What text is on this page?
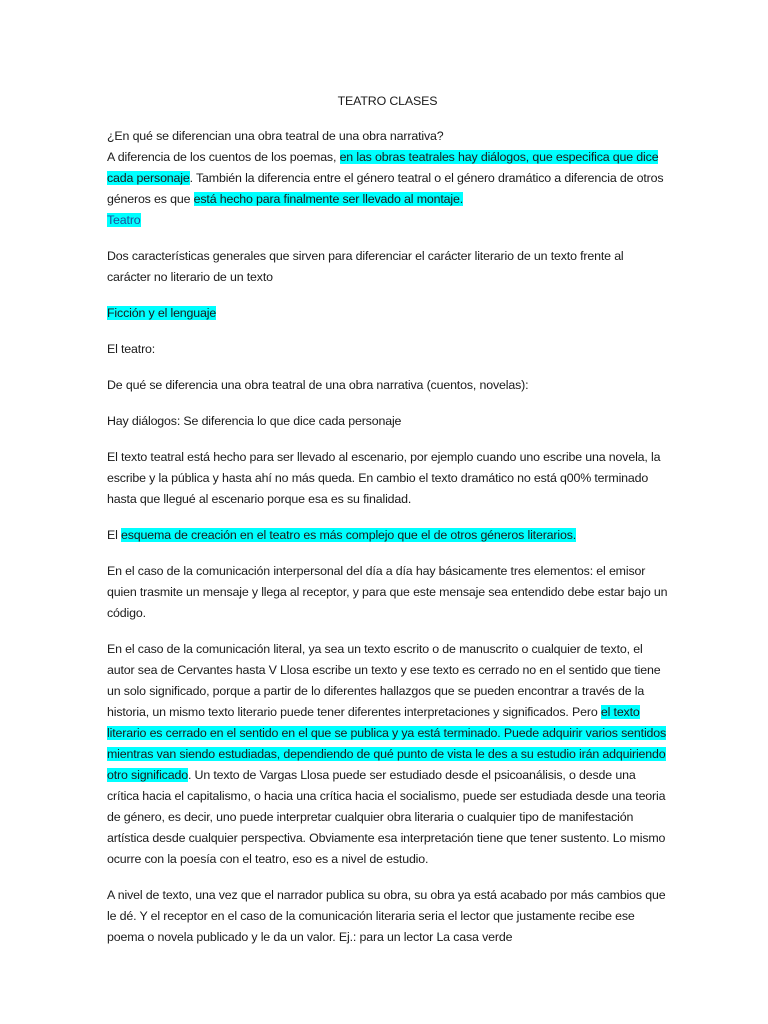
TEATRO CLASES

¿En qué se diferencian una obra teatral de una obra narrativa?
A diferencia de los cuentos de los poemas, en las obras teatrales hay diálogos, que especifica que dice cada personaje. También la diferencia entre el género teatral o el género dramático a diferencia de otros géneros es que está hecho para finalmente ser llevado al montaje.
Teatro

Dos características generales que sirven para diferenciar el carácter literario de un texto frente al carácter no literario de un texto

Ficción y el lenguaje

El teatro:

De qué se diferencia una obra teatral de una obra narrativa (cuentos, novelas):

Hay diálogos: Se diferencia lo que dice cada personaje

El texto teatral está hecho para ser llevado al escenario, por ejemplo cuando uno escribe una novela, la escribe y la pública y hasta ahí no más queda. En cambio el texto dramático no está q00% terminado hasta que llegué al escenario porque esa es su finalidad.

El esquema de creación en el teatro es más complejo que el de otros géneros literarios.

En el caso de la comunicación interpersonal del día a día hay básicamente tres elementos: el emisor quien trasmite un mensaje y llega al receptor, y para que este mensaje sea entendido debe estar bajo un código.

En el caso de la comunicación literal, ya sea un texto escrito o de manuscrito o cualquier de texto, el autor sea de Cervantes hasta V Llosa escribe un texto y ese texto es cerrado no en el sentido que tiene un solo significado, porque a partir de lo diferentes hallazgos que se pueden encontrar a través de la historia, un mismo texto literario puede tener diferentes interpretaciones y significados. Pero el texto literario es cerrado en el sentido en el que se publica y ya está terminado. Puede adquirir varios sentidos mientras van siendo estudiadas, dependiendo de qué punto de vista le des a su estudio irán adquiriendo otro significado. Un texto de Vargas Llosa puede ser estudiado desde el psicoanálisis, o desde una crítica hacia el capitalismo, o hacia una crítica hacia el socialismo, puede ser estudiada desde una teoria de género, es decir, uno puede interpretar cualquier obra literaria o cualquier tipo de manifestación artística desde cualquier perspectiva. Obviamente esa interpretación tiene que tener sustento. Lo mismo ocurre con la poesía con el teatro, eso es a nivel de estudio.

A nivel de texto, una vez que el narrador publica su obra, su obra ya está acabado por más cambios que le dé. Y el receptor en el caso de la comunicación literaria seria el lector que justamente recibe ese poema o novela publicado y le da un valor. Ej.: para un lector La casa verde
